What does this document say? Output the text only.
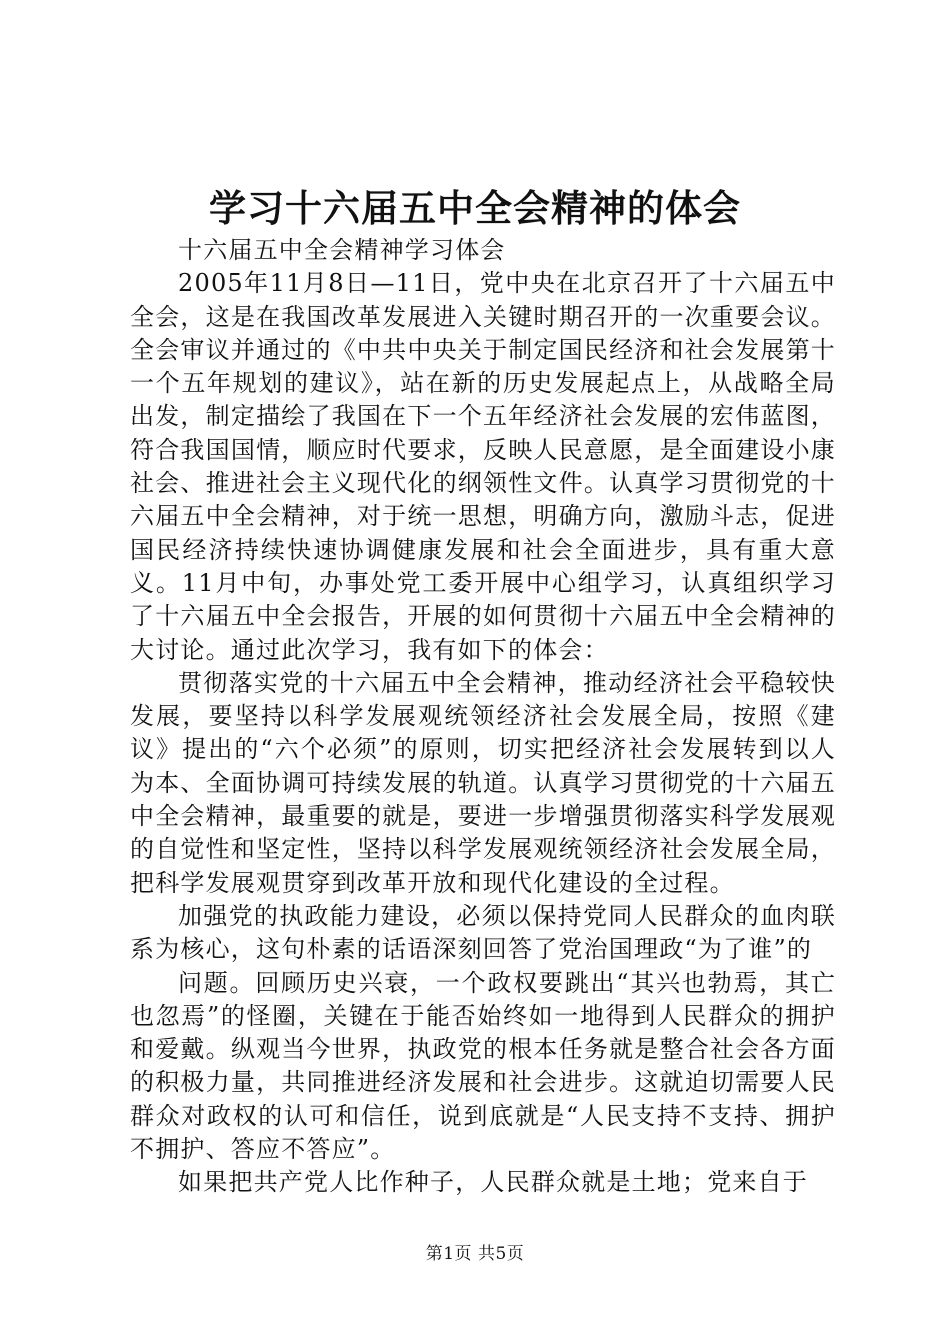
学习十六届五中全会精神的体会

十六届五中全会精神学习体会

2005年11月8日—11日，党中央在北京召开了十六届五中全会，这是在我国改革发展进入关键时期召开的一次重要会议。全会审议并通过的《中共中央关于制定国民经济和社会发展第十一个五年规划的建议》，站在新的历史发展起点上，从战略全局出发，制定描绘了我国在下一个五年经济社会发展的宏伟蓝图，符合我国国情，顺应时代要求，反映人民意愿，是全面建设小康社会、推进社会主义现代化的纲领性文件。认真学习贯彻党的十六届五中全会精神，对于统一思想，明确方向，激励斗志，促进国民经济持续快速协调健康发展和社会全面进步，具有重大意义。11月中旬，办事处党工委开展中心组学习，认真组织学习了十六届五中全会报告，开展的如何贯彻十六届五中全会精神的大讨论。通过此次学习，我有如下的体会：

贯彻落实党的十六届五中全会精神，推动经济社会平稳较快发展，要坚持以科学发展观统领经济社会发展全局，按照《建议》提出的“六个必须”的原则，切实把经济社会发展转到以人为本、全面协调可持续发展的轨道。认真学习贯彻党的十六届五中全会精神，最重要的就是，要进一步增强贯彻落实科学发展观的自觉性和坚定性，坚持以科学发展观统领经济社会发展全局，把科学发展观贯穿到改革开放和现代化建设的全过程。

加强党的执政能力建设，必须以保持党同人民群众的血肉联系为核心，这句朴素的话语深刻回答了党治国理政“为了谁”的

问题。回顾历史兴衰，一个政权要跳出“其兴也勃焉，其亡也忽焉”的怪圈，关键在于能否始终如一地得到人民群众的拥护和爱戴。纵观当今世界，执政党的根本任务就是整合社会各方面的积极力量，共同推进经济发展和社会进步。这就迫切需要人民群众对政权的认可和信任，说到底就是“人民支持不支持、拥护不拥护、答应不答应”。

如果把共产党人比作种子，人民群众就是土地；党来自于

第1页 共5页
